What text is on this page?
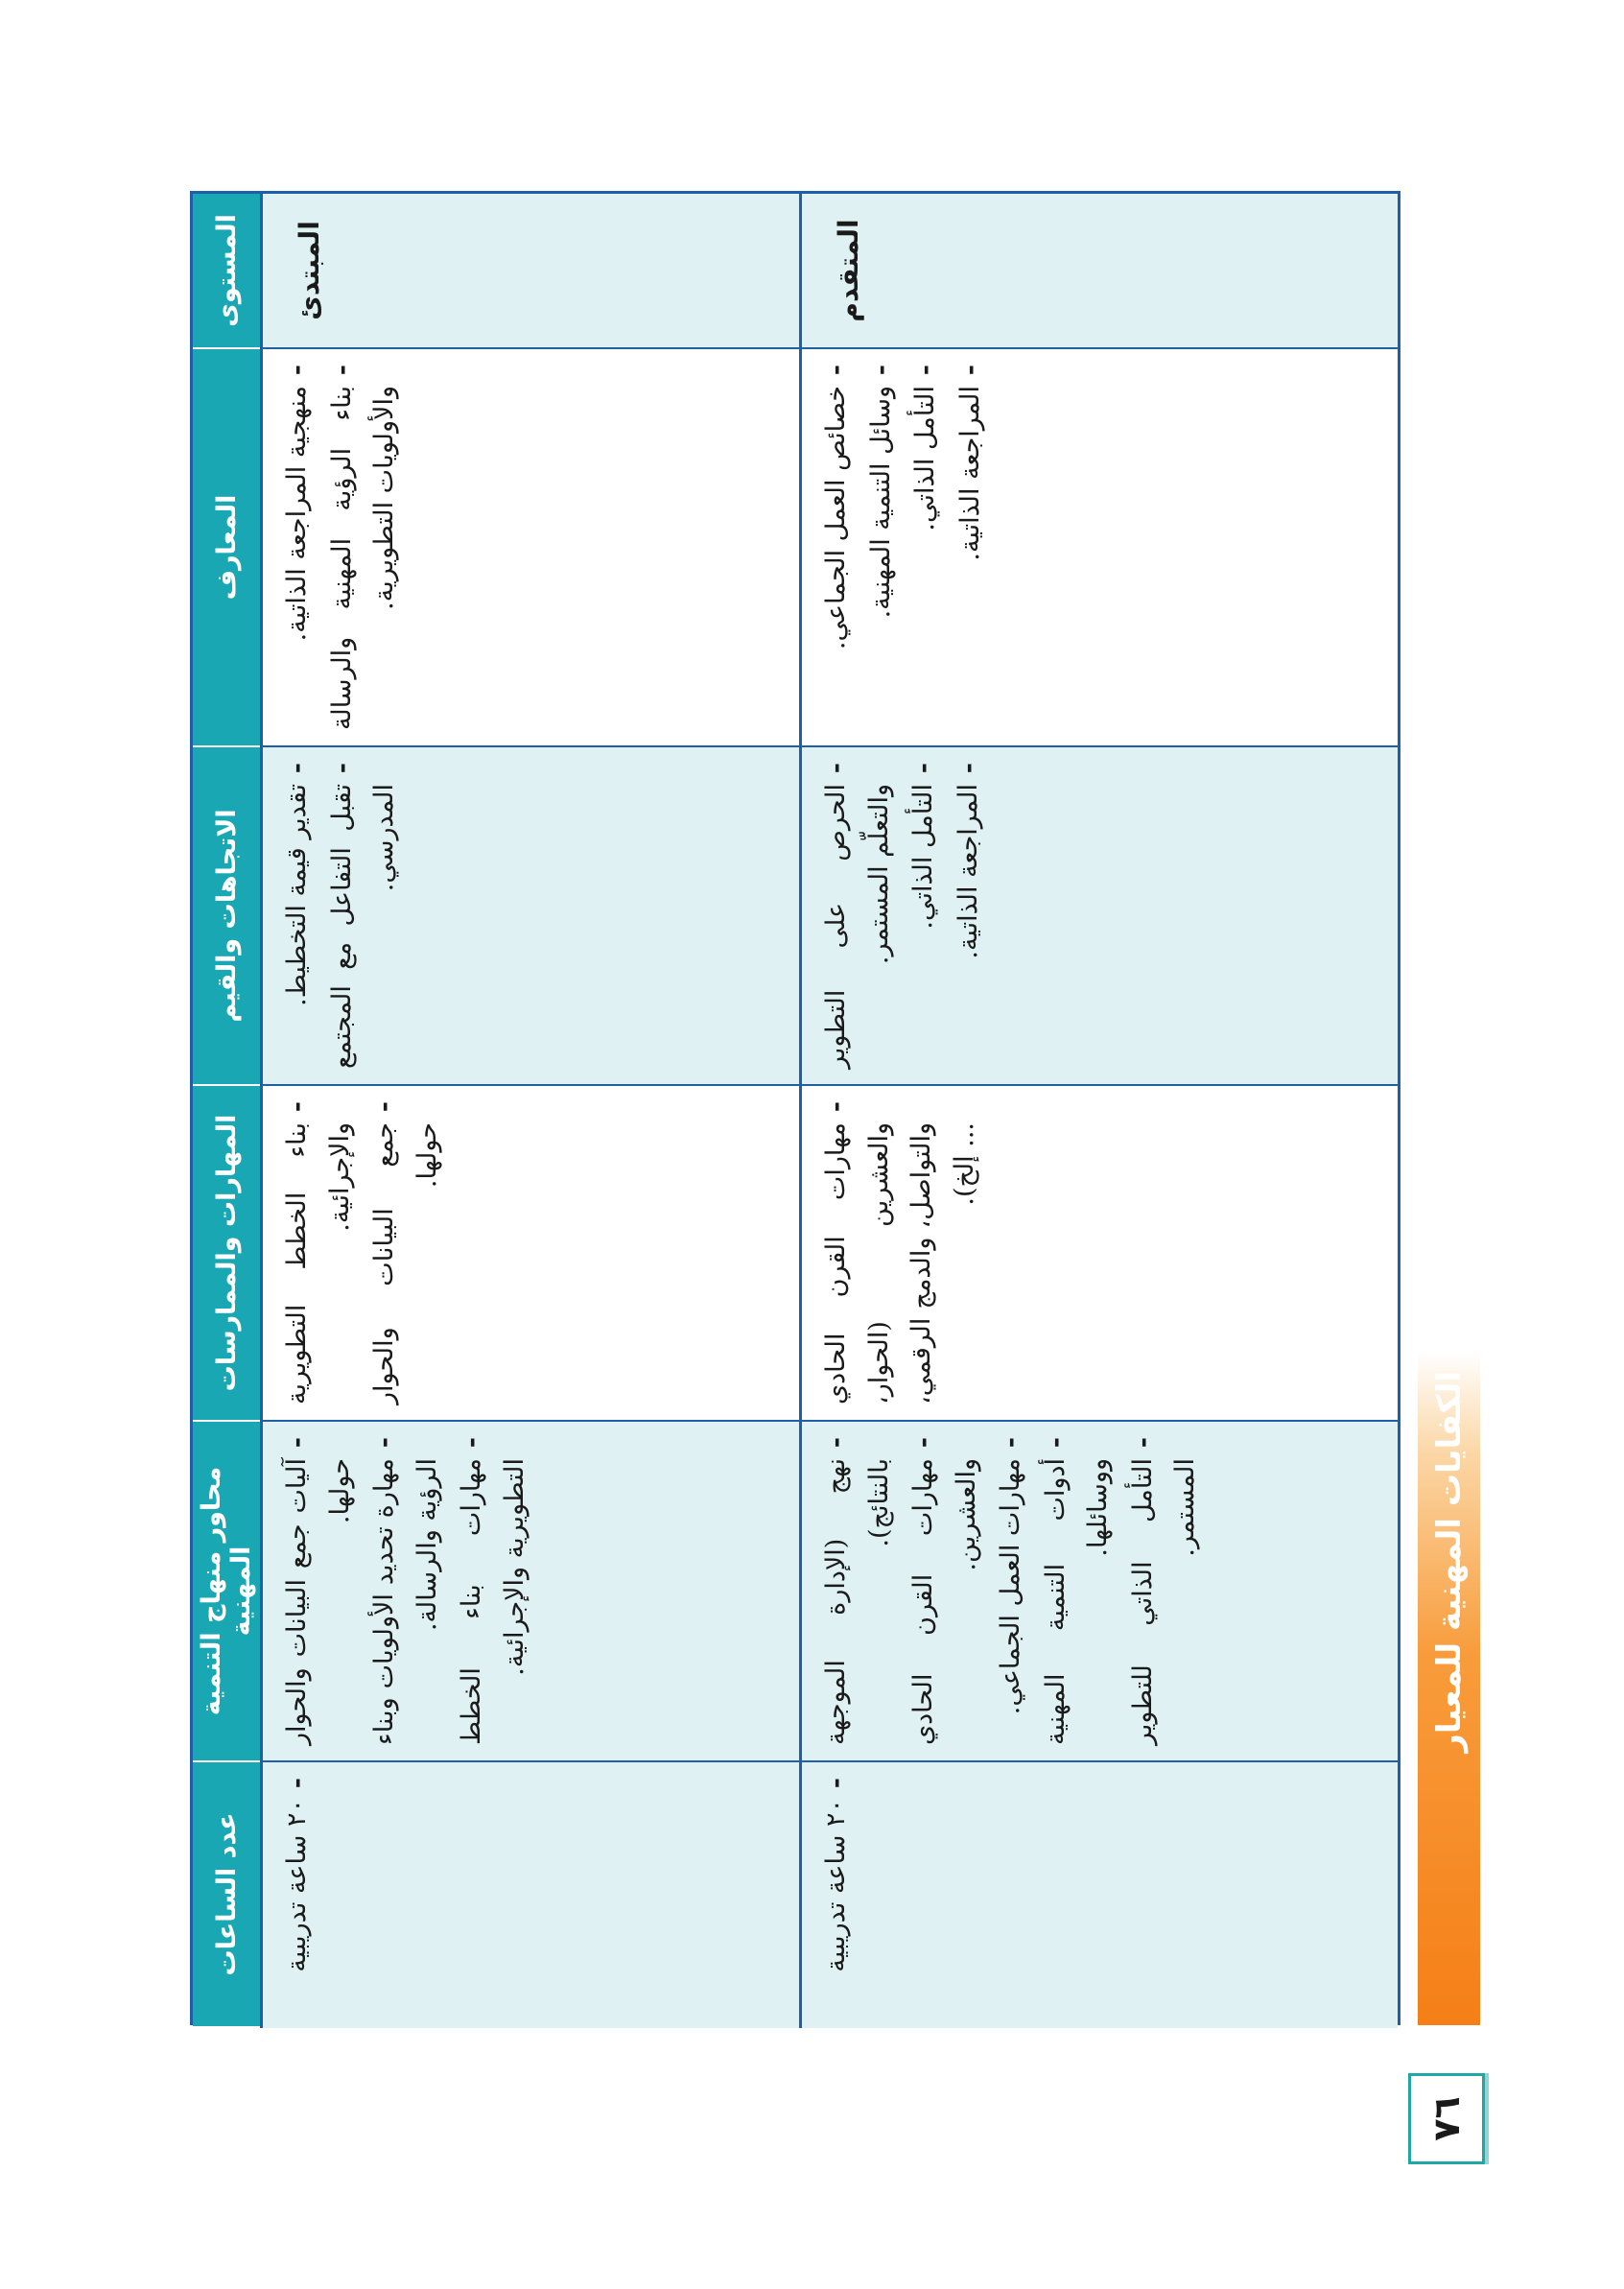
٧٦
الكفايات المهنية للمعيار
المستوى
المعارف
الاتجاهات والقيم
المهارات والممارسات
محاور منهاج التنمية المهنية
عدد الساعات
المبتدئ
- منهجية المراجعة الذاتية. - بناء الرؤية المهنية والرسالة والأولويات التطويرية.
- تقدير قيمة التخطيط. - تقبل التفاعل مع المجتمع المدرسي.
- بناء الخطط التطويرية والإجرائية. - جمع البيانات والحوار حولها.
- آليات جمع البيانات والحوار حولها. - مهارة تحديد الأولويات وبناء الرؤية والرسالة. - مهارات بناء الخطط التطويرية والإجرائية.
- ٢٠ ساعة تدريبية
المتقدم
- خصائص العمل الجماعي. - وسائل التنمية المهنية. - التأمل الذاتي. - المراجعة الذاتية.
- الحرص على التطوير والتعلّم المستمر. - التأمل الذاتي. - المراجعة الذاتية.
- مهارات القرن الحادي والعشرين (الحوار، والتواصل، والدمج الرقمي، ... إلخ).
- نهج (الإدارة الموجهة بالنتائج). - مهارات القرن الحادي والعشرين. - مهارات العمل الجماعي. - أدوات التنمية المهنية ووسائلها. - التأمل الذاتي للتطوير المستمر.
- ٢٠ ساعة تدريبية
